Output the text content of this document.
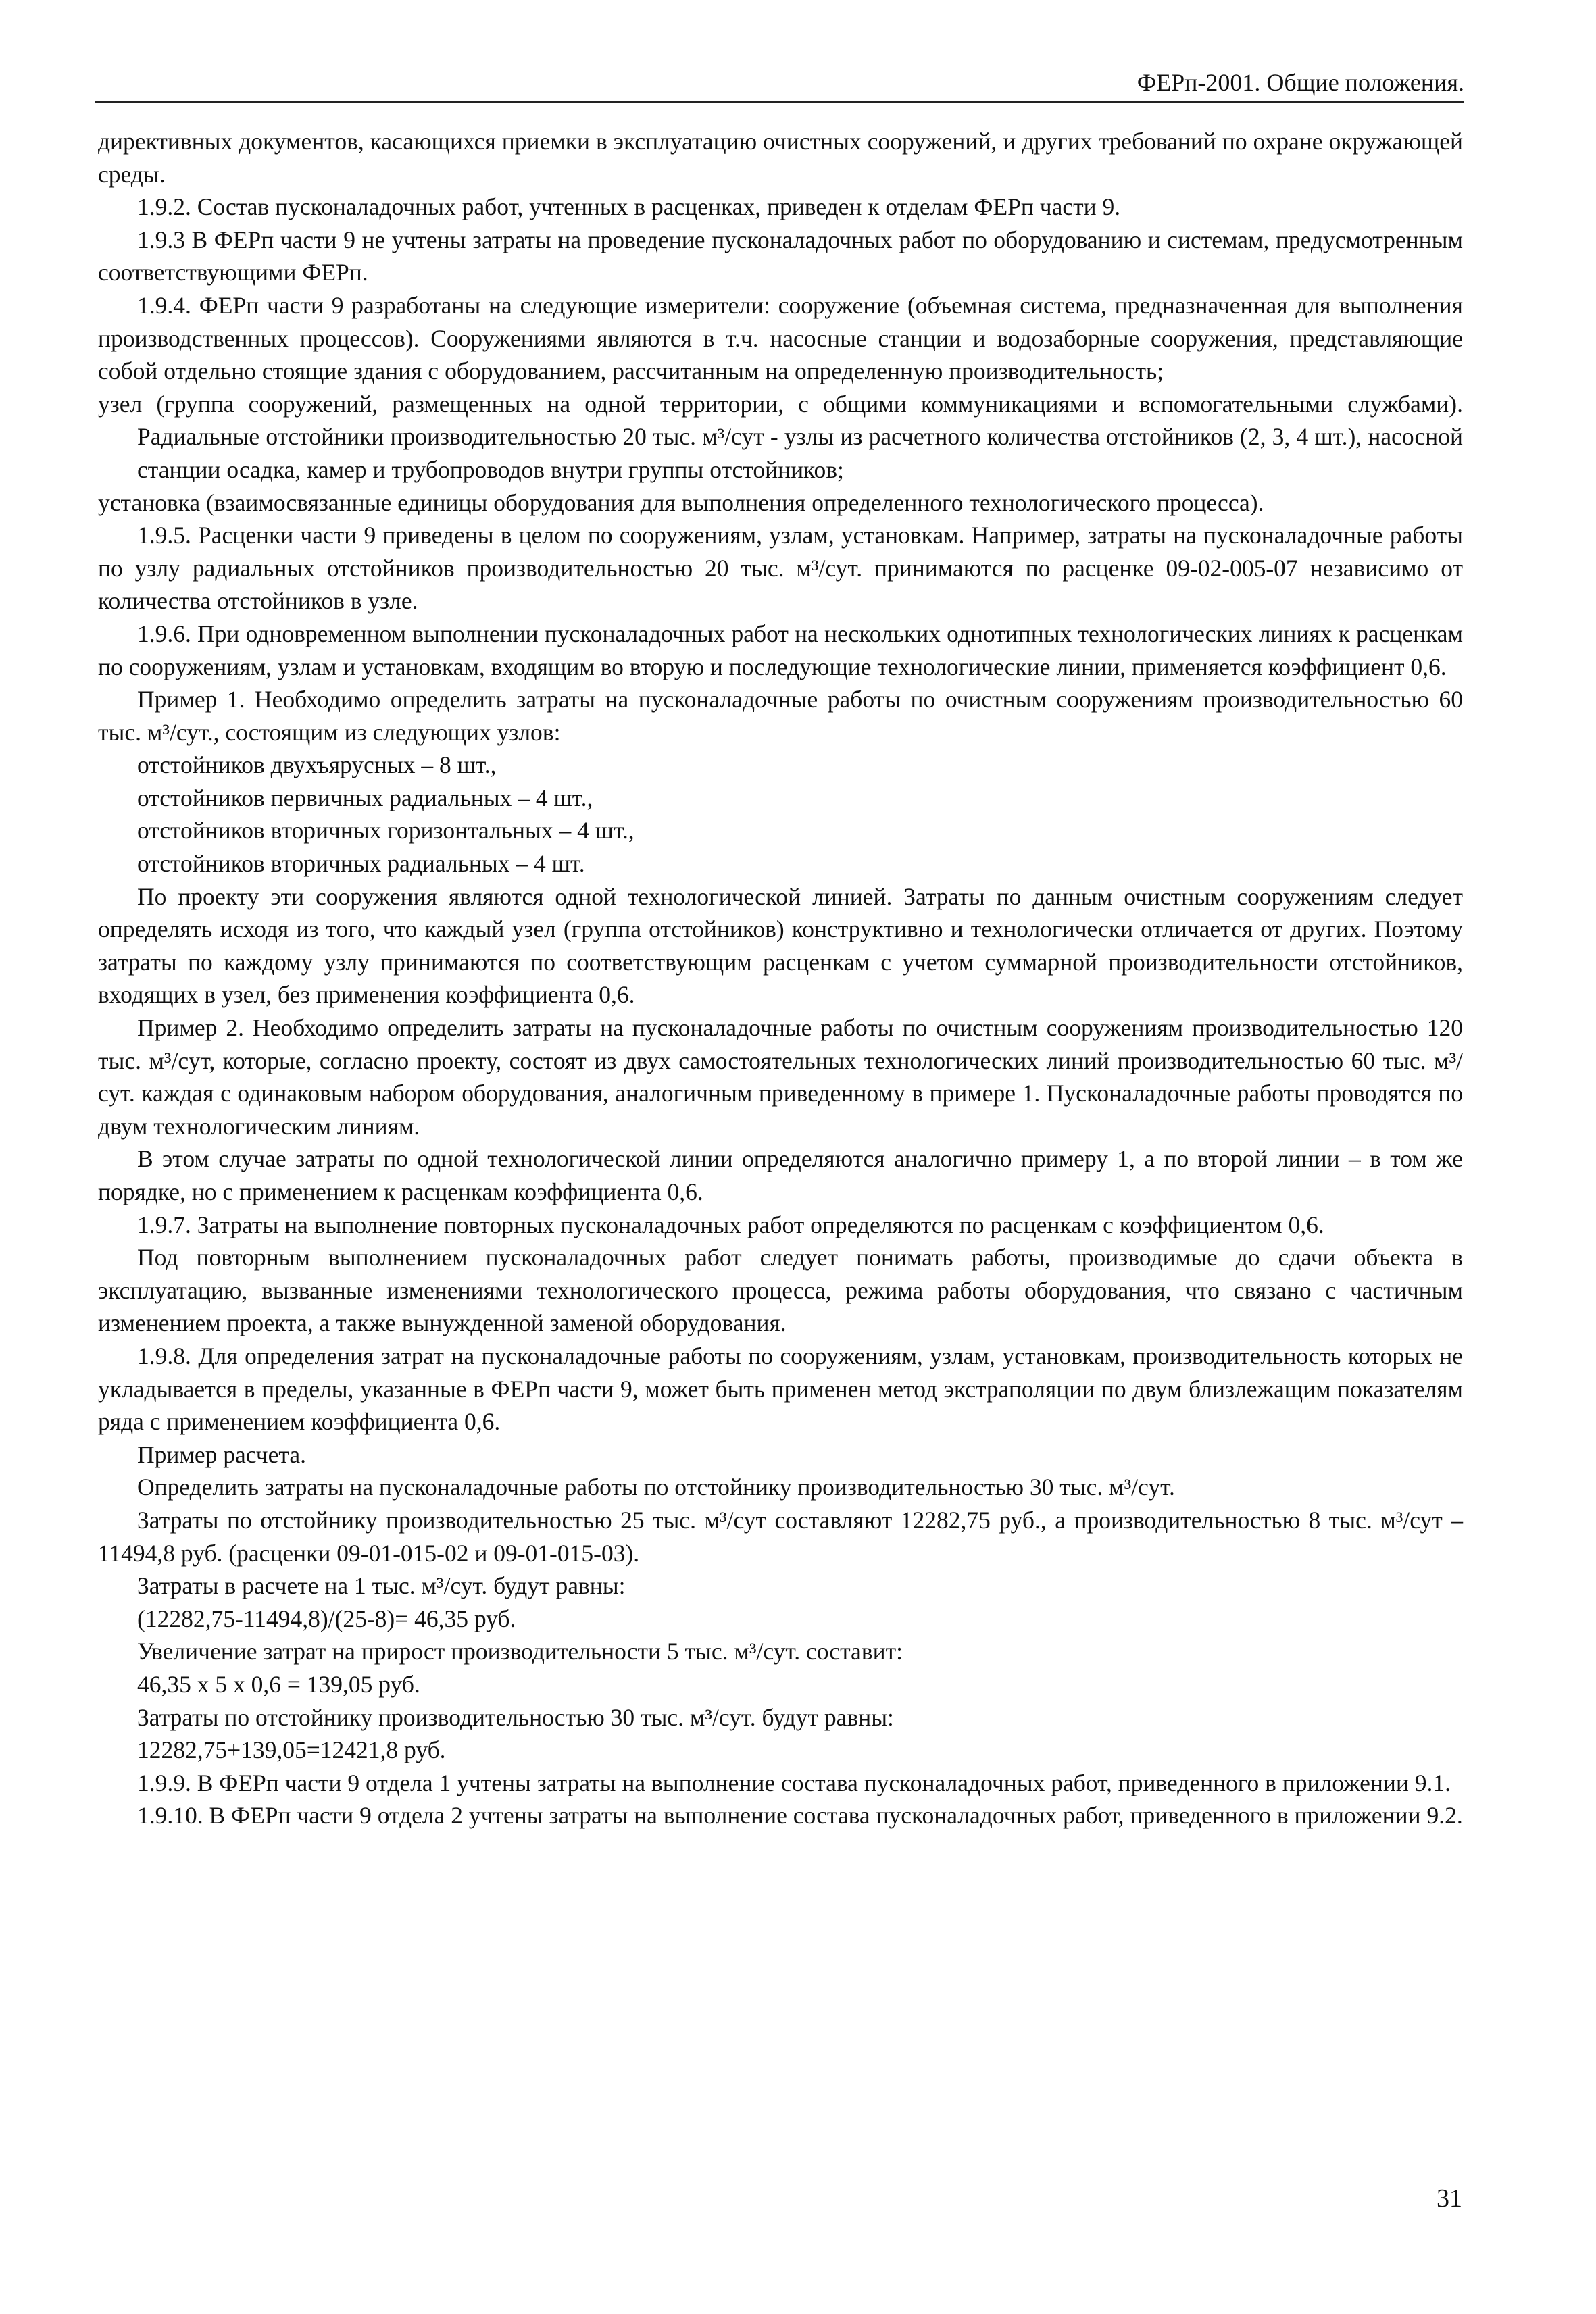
ФЕРп-2001. Общие положения.

директивных документов, касающихся приемки в эксплуатацию очистных сооружений, и других требований по охране окружающей среды.

1.9.2. Состав пусконаладочных работ, учтенных в расценках, приведен к отделам ФЕРп части 9.

1.9.3 В ФЕРп части 9 не учтены затраты на проведение пусконаладочных работ по оборудованию и системам, предусмотренным соответствующими ФЕРп.

1.9.4. ФЕРп части 9 разработаны на следующие измерители: сооружение (объемная система, предназначенная для выполнения производственных процессов). Сооружениями являются в т.ч. насосные станции и водозаборные сооружения, представляющие собой отдельно стоящие здания с оборудованием, рассчитанным на определенную производительность;

узел (группа сооружений, размещенных на одной территории, с общими коммуникациями и вспомогательными службами). Радиальные отстойники производительностью 20 тыс. м³/сут - узлы из расчетного количества отстойников (2, 3, 4 шт.), насосной станции осадка, камер и трубопроводов внутри группы отстойников;

установка (взаимосвязанные единицы оборудования для выполнения определенного технологического процесса).

1.9.5. Расценки части 9 приведены в целом по сооружениям, узлам, установкам. Например, затраты на пусконаладочные работы по узлу радиальных отстойников производительностью 20 тыс. м³/сут. принимаются по расценке 09-02-005-07 независимо от количества отстойников в узле.

1.9.6. При одновременном выполнении пусконаладочных работ на нескольких однотипных технологических линиях к расценкам по сооружениям, узлам и установкам, входящим во вторую и последующие технологические линии, применяется коэффициент 0,6.

Пример 1. Необходимо определить затраты на пусконаладочные работы по очистным сооружениям производительностью 60 тыс. м³/сут., состоящим из следующих узлов:

отстойников двухъярусных – 8 шт.,

отстойников первичных радиальных – 4 шт.,

отстойников вторичных горизонтальных – 4 шт.,

отстойников вторичных радиальных – 4 шт.

По проекту эти сооружения являются одной технологической линией. Затраты по данным очистным сооружениям следует определять исходя из того, что каждый узел (группа отстойников) конструктивно и технологически отличается от других. Поэтому затраты по каждому узлу принимаются по соответствующим расценкам с учетом суммарной производительности отстойников, входящих в узел, без применения коэффициента 0,6.

Пример 2. Необходимо определить затраты на пусконаладочные работы по очистным сооружениям производительностью 120 тыс. м³/сут, которые, согласно проекту, состоят из двух самостоятельных технологических линий производительностью 60 тыс. м³/сут. каждая с одинаковым набором оборудования, аналогичным приведенному в примере 1. Пусконаладочные работы проводятся по двум технологическим линиям.

В этом случае затраты по одной технологической линии определяются аналогично примеру 1, а по второй линии – в том же порядке, но с применением к расценкам коэффициента 0,6.

1.9.7. Затраты на выполнение повторных пусконаладочных работ определяются по расценкам с коэффициентом 0,6.

Под повторным выполнением пусконаладочных работ следует понимать работы, производимые до сдачи объекта в эксплуатацию, вызванные изменениями технологического процесса, режима работы оборудования, что связано с частичным изменением проекта, а также вынужденной заменой оборудования.

1.9.8. Для определения затрат на пусконаладочные работы по сооружениям, узлам, установкам, производительность которых не укладывается в пределы, указанные в ФЕРп части 9, может быть применен метод экстраполяции по двум близлежащим показателям ряда с применением коэффициента 0,6.

Пример расчета.

Определить затраты на пусконаладочные работы по отстойнику производительностью 30 тыс. м³/сут.

Затраты по отстойнику производительностью 25 тыс. м³/сут составляют 12282,75 руб., а производительностью 8 тыс. м³/сут – 11494,8 руб. (расценки 09-01-015-02 и 09-01-015-03).

Затраты в расчете на 1 тыс. м³/сут. будут равны:

(12282,75-11494,8)/(25-8)= 46,35 руб.

Увеличение затрат на прирост производительности 5 тыс. м³/сут. составит:

46,35 х 5 х 0,6 = 139,05 руб.

Затраты по отстойнику производительностью 30 тыс. м³/сут. будут равны:

12282,75+139,05=12421,8 руб.

1.9.9. В ФЕРп части 9 отдела 1 учтены затраты на выполнение состава пусконаладочных работ, приведенного в приложении 9.1.

1.9.10. В ФЕРп части 9 отдела 2 учтены затраты на выполнение состава пусконаладочных работ, приведенного в приложении 9.2.

31
